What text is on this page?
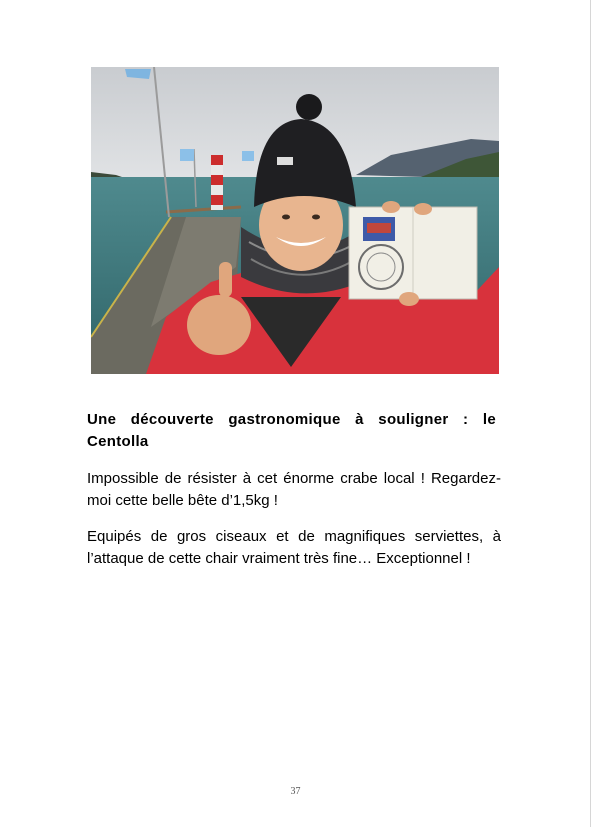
Une découverte gastronomique à souligner : le Centolla

Impossible de résister à cet énorme crabe local ! Regardez-moi cette belle bête d’1,5kg !

Equipés de gros ciseaux et de magnifiques serviettes, à l’attaque de cette chair vraiment très fine… Exceptionnel !

37
